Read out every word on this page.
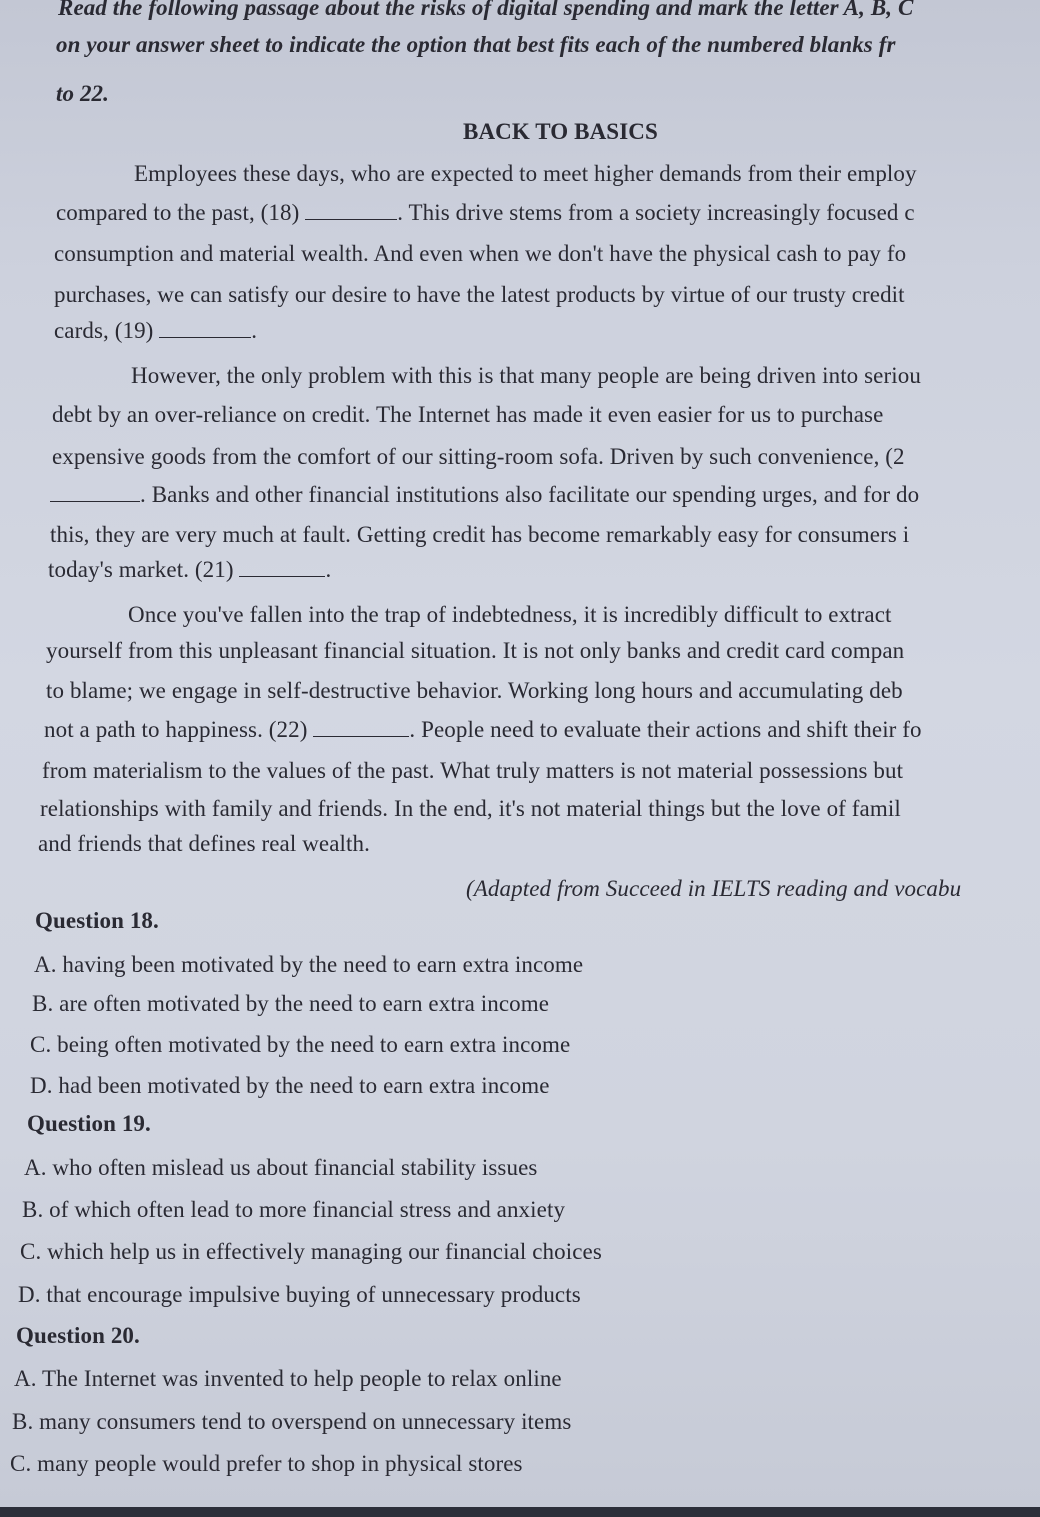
Read the following passage about the risks of digital spending and mark the letter A, B, C
on your answer sheet to indicate the option that best fits each of the numbered blanks fr
to 22.
BACK TO BASICS
Employees these days, who are expected to meet higher demands from their employ
compared to the past, (18)	. This drive stems from a society increasingly focused c
consumption and material wealth. And even when we don't have the physical cash to pay fo
purchases, we can satisfy our desire to have the latest products by virtue of our trusty credit
cards, (19)	.
However, the only problem with this is that many people are being driven into seriou
debt by an over-reliance on credit. The Internet has made it even easier for us to purchase
expensive goods from the comfort of our sitting-room sofa. Driven by such convenience, (2
. Banks and other financial institutions also facilitate our spending urges, and for do
this, they are very much at fault. Getting credit has become remarkably easy for consumers i
today's market. (21)	.
Once you've fallen into the trap of indebtedness, it is incredibly difficult to extract
yourself from this unpleasant financial situation. It is not only banks and credit card compan
to blame; we engage in self-destructive behavior. Working long hours and accumulating deb
not a path to happiness. (22)	. People need to evaluate their actions and shift their fo
from materialism to the values of the past. What truly matters is not material possessions but
relationships with family and friends. In the end, it's not material things but the love of famil
and friends that defines real wealth.
(Adapted from Succeed in IELTS reading and vocabu
Question 18.
A. having been motivated by the need to earn extra income
B. are often motivated by the need to earn extra income
C. being often motivated by the need to earn extra income
D. had been motivated by the need to earn extra income
Question 19.
A. who often mislead us about financial stability issues
B. of which often lead to more financial stress and anxiety
C. which help us in effectively managing our financial choices
D. that encourage impulsive buying of unnecessary products
Question 20.
A. The Internet was invented to help people to relax online
B. many consumers tend to overspend on unnecessary items
C. many people would prefer to shop in physical stores
